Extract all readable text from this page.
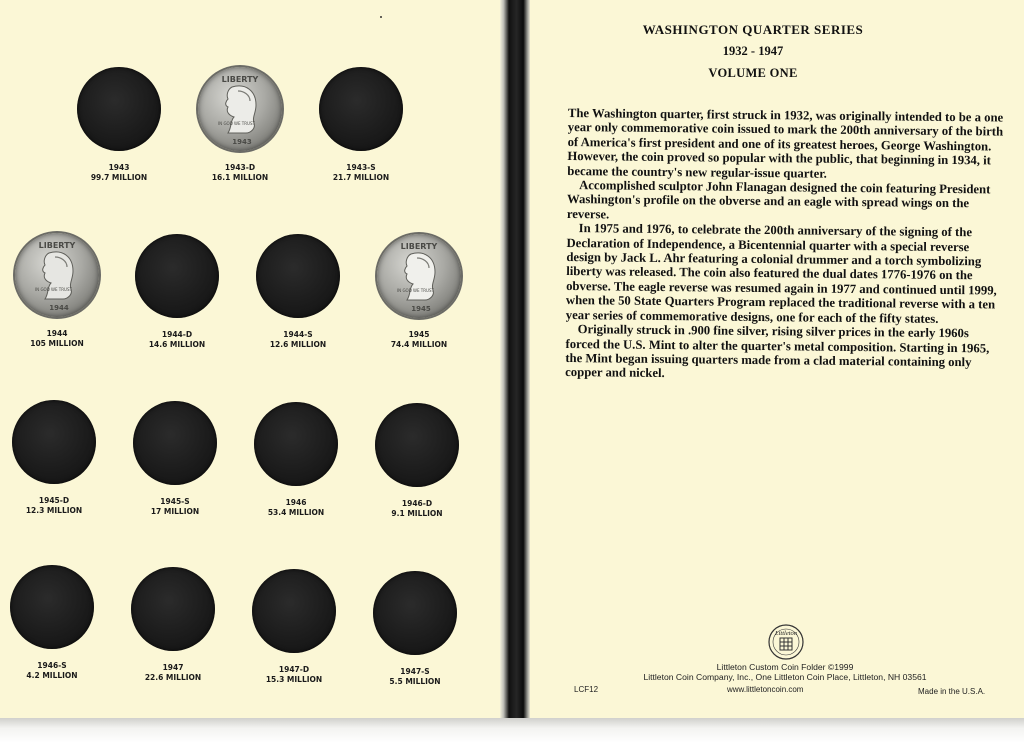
1943
99.7 MILLION
LIBERTY
IN GOD WE TRUST
1943
1943-D
16.1 MILLION
1943-S
21.7 MILLION
LIBERTY
IN GOD WE TRUST
1944
1944
105 MILLION
1944-D
14.6 MILLION
1944-S
12.6 MILLION
LIBERTY
IN GOD WE TRUST
1945
1945
74.4 MILLION
1945-D
12.3 MILLION
1945-S
17 MILLION
1946
53.4 MILLION
1946-D
9.1 MILLION
1946-S
4.2 MILLION
1947
22.6 MILLION
1947-D
15.3 MILLION
1947-S
5.5 MILLION
WASHINGTON QUARTER SERIES
1932 - 1947
VOLUME ONE

The Washington quarter, first struck in 1932, was originally intended to be a one year only commemorative coin issued to mark the 200th anniversary of the birth of America's first president and one of its greatest heroes, George Washington. However, the coin proved so popular with the public, that beginning in 1934, it became the country's new regular-issue quarter.

Accomplished sculptor John Flanagan designed the coin featuring President Washington's profile on the obverse and an eagle with spread wings on the reverse.

In 1975 and 1976, to celebrate the 200th anniversary of the signing of the Declaration of Independence, a Bicentennial quarter with a special reverse design by Jack L. Ahr featuring a colonial drummer and a torch symbolizing liberty was released. The coin also featured the dual dates 1776-1976 on the obverse. The eagle reverse was resumed again in 1977 and continued until 1999, when the 50 State Quarters Program replaced the traditional reverse with a ten year series of commemorative designs, one for each of the fifty states.

Originally struck in .900 fine silver, rising silver prices in the early 1960s forced the U.S. Mint to alter the quarter's metal composition. Starting in 1965, the Mint began issuing quarters made from a clad material containing only copper and nickel.

Littleton
Littleton Custom Coin Folder ©1999
Littleton Coin Company, Inc., One Littleton Coin Place, Littleton, NH 03561
LCF12	www.littletoncoin.com	Made in the U.S.A.
